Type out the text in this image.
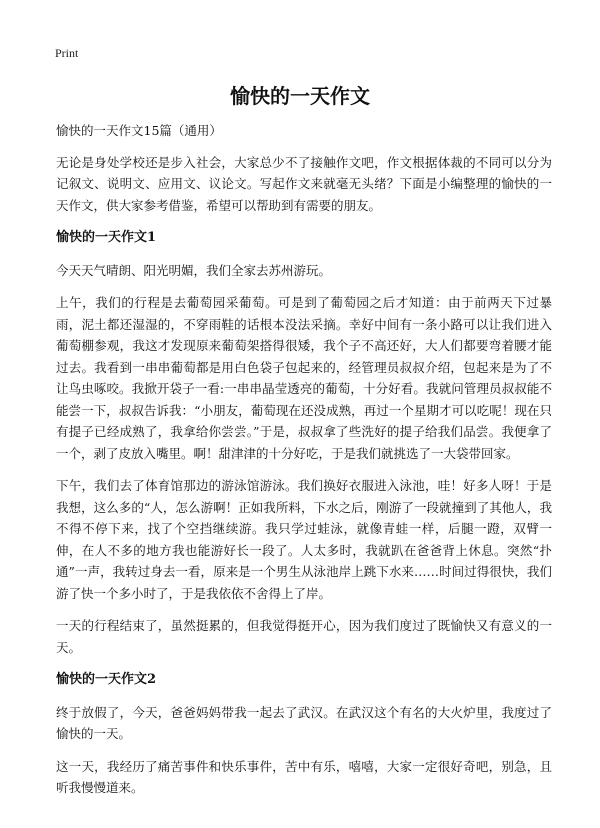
Print
愉快的一天作文

愉快的一天作文15篇（通用）

无论是身处学校还是步入社会，大家总少不了接触作文吧，作文根据体裁的不同可以分为记叙文、说明文、应用文、议论文。写起作文来就毫无头绪？下面是小编整理的愉快的一天作文，供大家参考借鉴，希望可以帮助到有需要的朋友。

愉快的一天作文1

今天天气晴朗、阳光明媚，我们全家去苏州游玩。

上午，我们的行程是去葡萄园采葡萄。可是到了葡萄园之后才知道：由于前两天下过暴雨，泥土都还湿湿的，不穿雨鞋的话根本没法采摘。幸好中间有一条小路可以让我们进入葡萄棚参观，我这才发现原来葡萄架搭得很矮，我个子不高还好，大人们都要弯着腰才能过去。我看到一串串葡萄都是用白色袋子包起来的，经管理员叔叔介绍，包起来是为了不让鸟虫啄咬。我掀开袋子一看:一串串晶莹透亮的葡萄，十分好看。我就问管理员叔叔能不能尝一下，叔叔告诉我：“小朋友，葡萄现在还没成熟，再过一个星期才可以吃呢！现在只有提子已经成熟了，我拿给你尝尝。”于是，叔叔拿了些洗好的提子给我们品尝。我便拿了一个，剥了皮放入嘴里。啊！甜津津的十分好吃，于是我们就挑选了一大袋带回家。

下午，我们去了体育馆那边的游泳馆游泳。我们换好衣服进入泳池，哇！好多人呀！于是我想，这么多的“人，怎么游啊！正如我所料，下水之后，刚游了一段就撞到了其他人，我不得不停下来，找了个空挡继续游。我只学过蛙泳，就像青蛙一样，后腿一蹬，双臂一伸，在人不多的地方我也能游好长一段了。人太多时，我就趴在爸爸背上休息。突然“扑通”一声，我转过身去一看，原来是一个男生从泳池岸上跳下水来……时间过得很快，我们游了快一个多小时了，于是我依依不舍得上了岸。

一天的行程结束了，虽然挺累的，但我觉得挺开心，因为我们度过了既愉快又有意义的一天。

愉快的一天作文2

终于放假了，今天，爸爸妈妈带我一起去了武汉。在武汉这个有名的大火炉里，我度过了愉快的一天。

这一天，我经历了痛苦事件和快乐事件，苦中有乐，嘻嘻，大家一定很好奇吧，别急，且听我慢慢道来。
